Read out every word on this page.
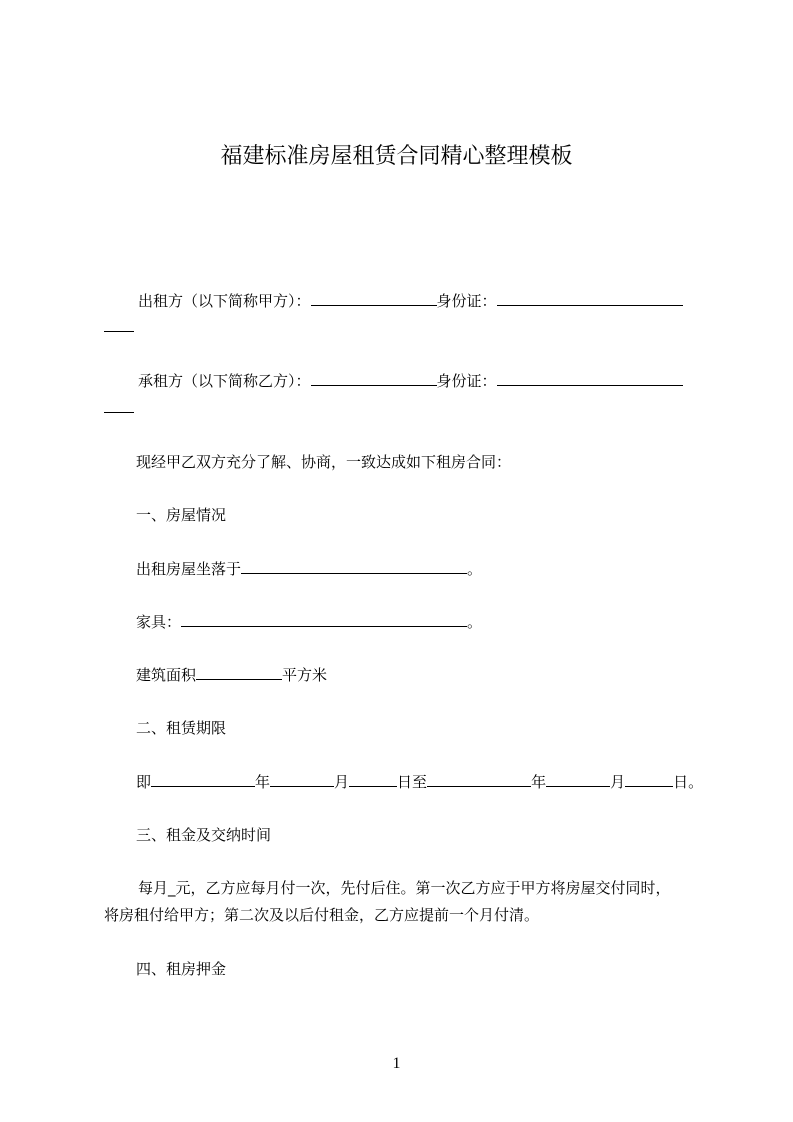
福建标准房屋租赁合同精心整理模板
出租方（以下简称甲方）：	身份证：
承租方（以下简称乙方）：	身份证：
现经甲乙双方充分了解、协商，一致达成如下租房合同：
一、房屋情况
出租房屋坐落于	。
家具：	。
建筑面积	平方米
二、租赁期限
即	年	月	日至	年	月	日。
三、租金及交纳时间
每月_元，乙方应每月付一次，先付后住。第一次乙方应于甲方将房屋交付同时，
将房租付给甲方；第二次及以后付租金，乙方应提前一个月付清。
四、租房押金
1
